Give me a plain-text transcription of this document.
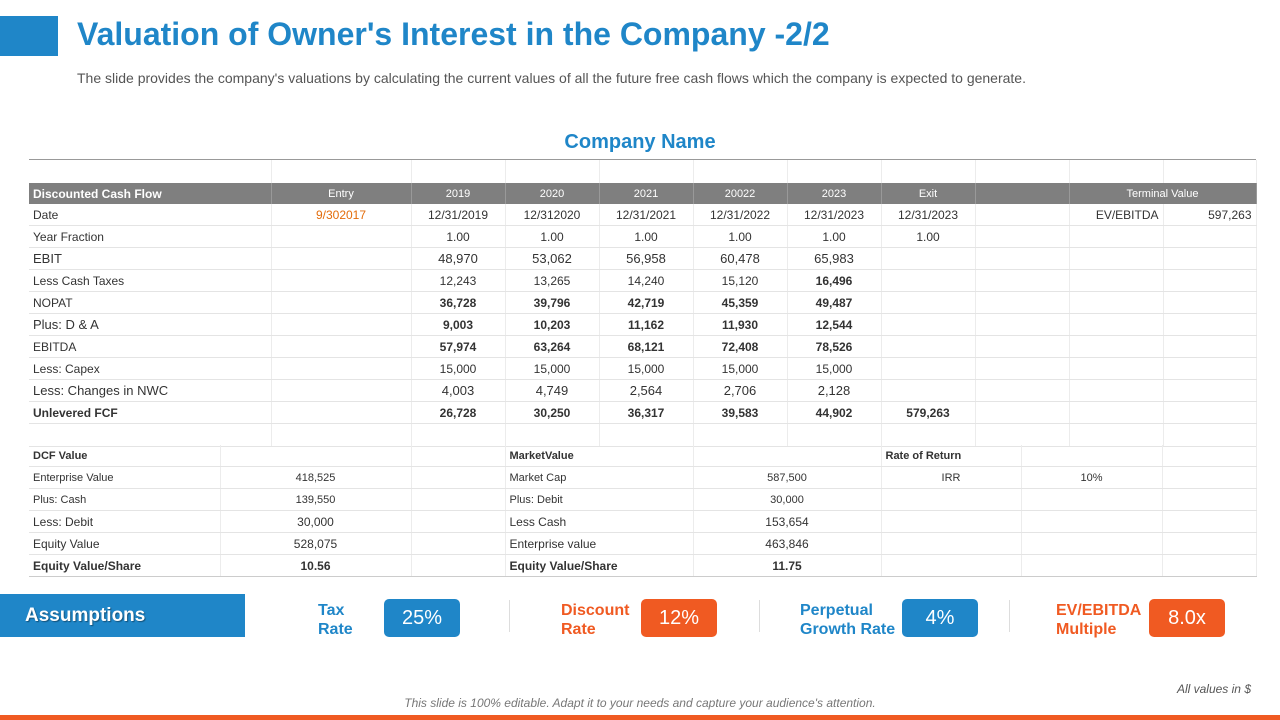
Valuation of Owner's Interest in the Company -2/2
The slide provides the company's valuations by calculating the current values of all the future free cash flows which the company is expected to generate.
Company Name

Discounted Cash Flow	Entry	2019	2020	2021	20022	2023	Exit		Terminal Value	
Date	9/302017	12/31/2019	12/312020	12/31/2021	12/31/2022	12/31/2023	12/31/2023		EV/EBITDA	597,263
Year Fraction		1.00	1.00	1.00	1.00	1.00	1.00			
EBIT		48,970	53,062	56,958	60,478	65,983				
Less Cash Taxes		12,243	13,265	14,240	15,120	16,496				
NOPAT		36,728	39,796	42,719	45,359	49,487				
Plus: D & A		9,003	10,203	11,162	11,930	12,544				
EBITDA		57,974	63,264	68,121	72,408	78,526				
Less: Capex		15,000	15,000	15,000	15,000	15,000				
Less: Changes in NWC		4,003	4,749	2,564	2,706	2,128				
Unlevered FCF		26,728	30,250	36,317	39,583	44,902	579,263			

DCF Value			MarketValue		Rate of Return		
Enterprise Value	418,525		Market Cap	587,500	IRR	10%	
Plus: Cash	139,550		Plus: Debit	30,000			
Less: Debit	30,000		Less Cash	153,654			
Equity Value	528,075		Enterprise value	463,846			
Equity Value/Share	10.56		Equity Value/Share	11.75			
Assumptions	Tax
Rate
25%	Discount
Rate
12%	Perpetual
Growth Rate
4%	EV/EBITDA
Multiple
8.0x
All values in $
This slide is 100% editable. Adapt it to your needs and capture your audience's attention.
